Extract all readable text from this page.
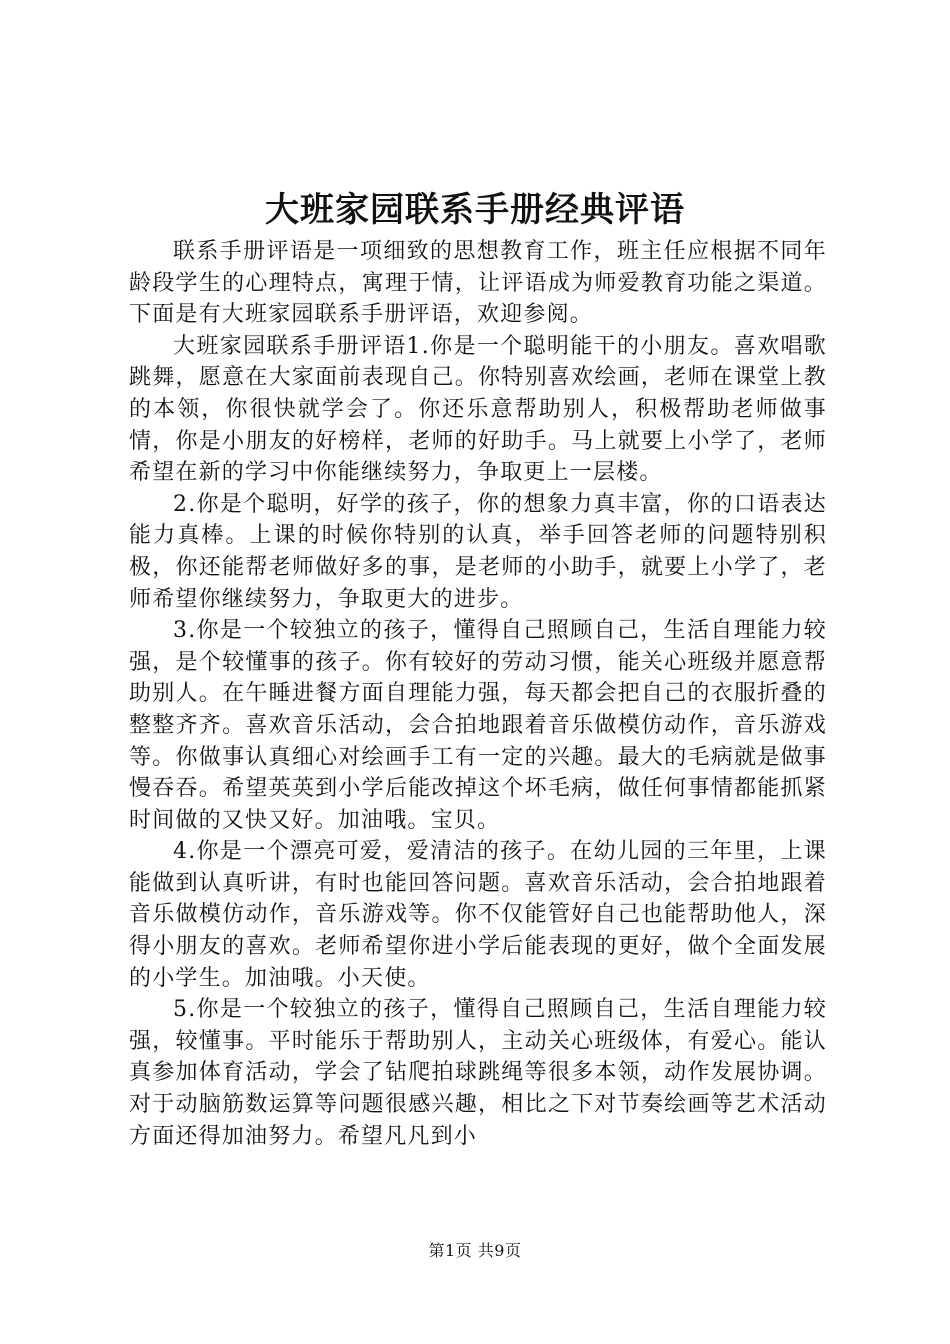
大班家园联系手册经典评语

联系手册评语是一项细致的思想教育工作，班主任应根据不同年龄段学生的心理特点，寓理于情，让评语成为师爱教育功能之渠道。下面是有大班家园联系手册评语，欢迎参阅。

大班家园联系手册评语1.你是一个聪明能干的小朋友。喜欢唱歌跳舞，愿意在大家面前表现自己。你特别喜欢绘画，老师在课堂上教的本领，你很快就学会了。你还乐意帮助别人，积极帮助老师做事情，你是小朋友的好榜样，老师的好助手。马上就要上小学了，老师希望在新的学习中你能继续努力，争取更上一层楼。

2.你是个聪明，好学的孩子，你的想象力真丰富，你的口语表达能力真棒。上课的时候你特别的认真，举手回答老师的问题特别积极，你还能帮老师做好多的事，是老师的小助手，就要上小学了，老师希望你继续努力，争取更大的进步。

3.你是一个较独立的孩子，懂得自己照顾自己，生活自理能力较强，是个较懂事的孩子。你有较好的劳动习惯，能关心班级并愿意帮助别人。在午睡进餐方面自理能力强，每天都会把自己的衣服折叠的整整齐齐。喜欢音乐活动，会合拍地跟着音乐做模仿动作，音乐游戏等。你做事认真细心对绘画手工有一定的兴趣。最大的毛病就是做事慢吞吞。希望英英到小学后能改掉这个坏毛病，做任何事情都能抓紧时间做的又快又好。加油哦。宝贝。

4.你是一个漂亮可爱，爱清洁的孩子。在幼儿园的三年里，上课能做到认真听讲，有时也能回答问题。喜欢音乐活动，会合拍地跟着音乐做模仿动作，音乐游戏等。你不仅能管好自己也能帮助他人，深得小朋友的喜欢。老师希望你进小学后能表现的更好，做个全面发展的小学生。加油哦。小天使。

5.你是一个较独立的孩子，懂得自己照顾自己，生活自理能力较强，较懂事。平时能乐于帮助别人，主动关心班级体，有爱心。能认真参加体育活动，学会了钻爬拍球跳绳等很多本领，动作发展协调。对于动脑筋数运算等问题很感兴趣，相比之下对节奏绘画等艺术活动方面还得加油努力。希望凡凡到小

第1页 共9页
